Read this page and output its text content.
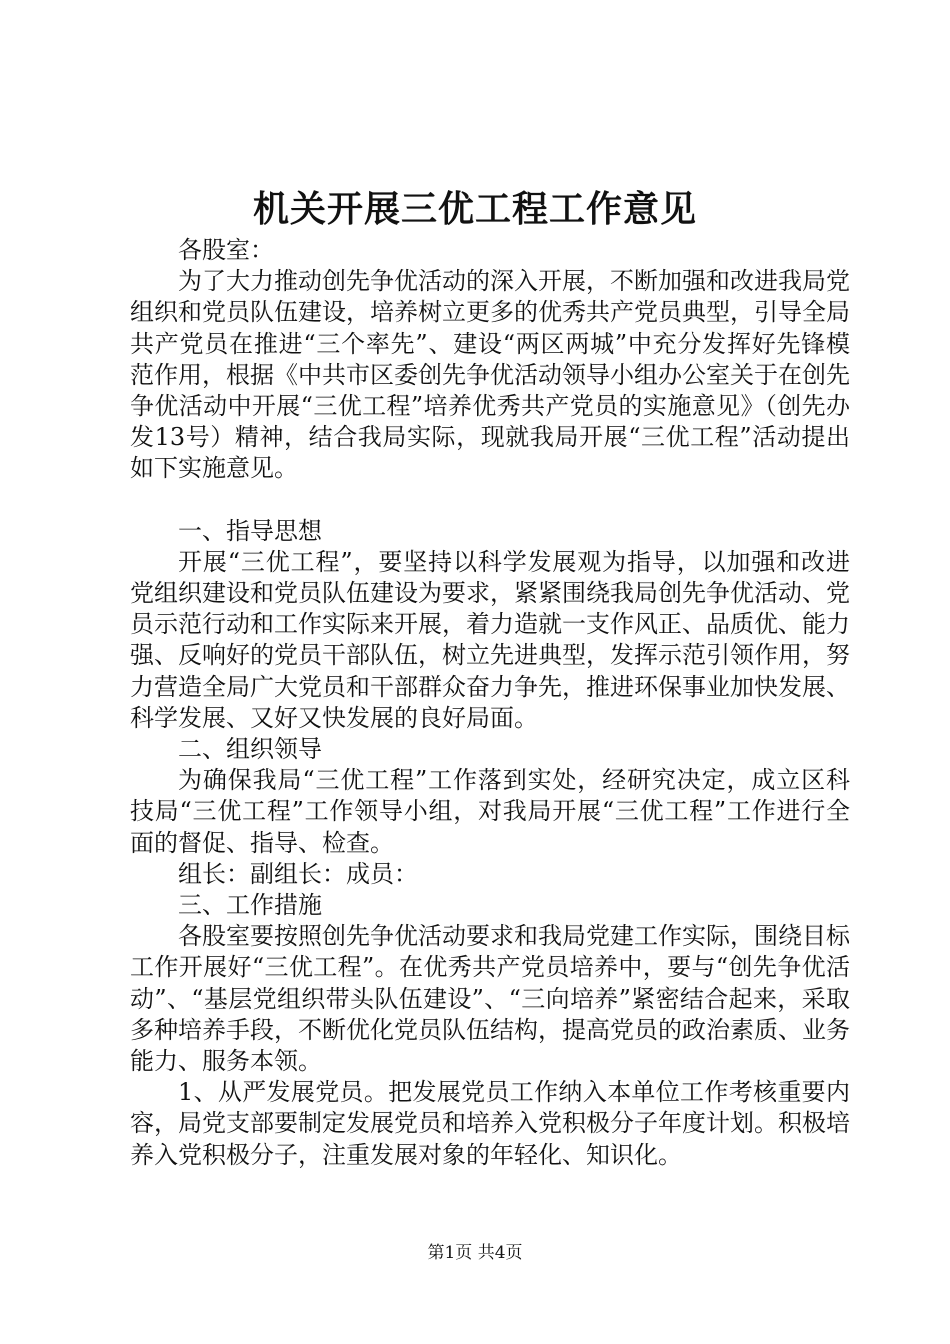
机关开展三优工程工作意见

各股室：

为了大力推动创先争优活动的深入开展，不断加强和改进我局党组织和党员队伍建设，培养树立更多的优秀共产党员典型，引导全局共产党员在推进“三个率先”、建设“两区两城”中充分发挥好先锋模范作用，根据《中共市区委创先争优活动领导小组办公室关于在创先争优活动中开展“三优工程”培养优秀共产党员的实施意见》（创先办发13号）精神，结合我局实际，现就我局开展“三优工程”活动提出如下实施意见。

一、指导思想

开展“三优工程”，要坚持以科学发展观为指导，以加强和改进党组织建设和党员队伍建设为要求，紧紧围绕我局创先争优活动、党员示范行动和工作实际来开展，着力造就一支作风正、品质优、能力强、反响好的党员干部队伍，树立先进典型，发挥示范引领作用，努力营造全局广大党员和干部群众奋力争先，推进环保事业加快发展、科学发展、又好又快发展的良好局面。

二、组织领导

为确保我局“三优工程”工作落到实处，经研究决定，成立区科技局“三优工程”工作领导小组，对我局开展“三优工程”工作进行全面的督促、指导、检查。

组长：副组长：成员：

三、工作措施

各股室要按照创先争优活动要求和我局党建工作实际，围绕目标工作开展好“三优工程”。在优秀共产党员培养中，要与“创先争优活动”、“基层党组织带头队伍建设”、“三向培养”紧密结合起来，采取多种培养手段，不断优化党员队伍结构，提高党员的政治素质、业务能力、服务本领。

1、从严发展党员。把发展党员工作纳入本单位工作考核重要内容，局党支部要制定发展党员和培养入党积极分子年度计划。积极培养入党积极分子，注重发展对象的年轻化、知识化。

第1页 共4页
